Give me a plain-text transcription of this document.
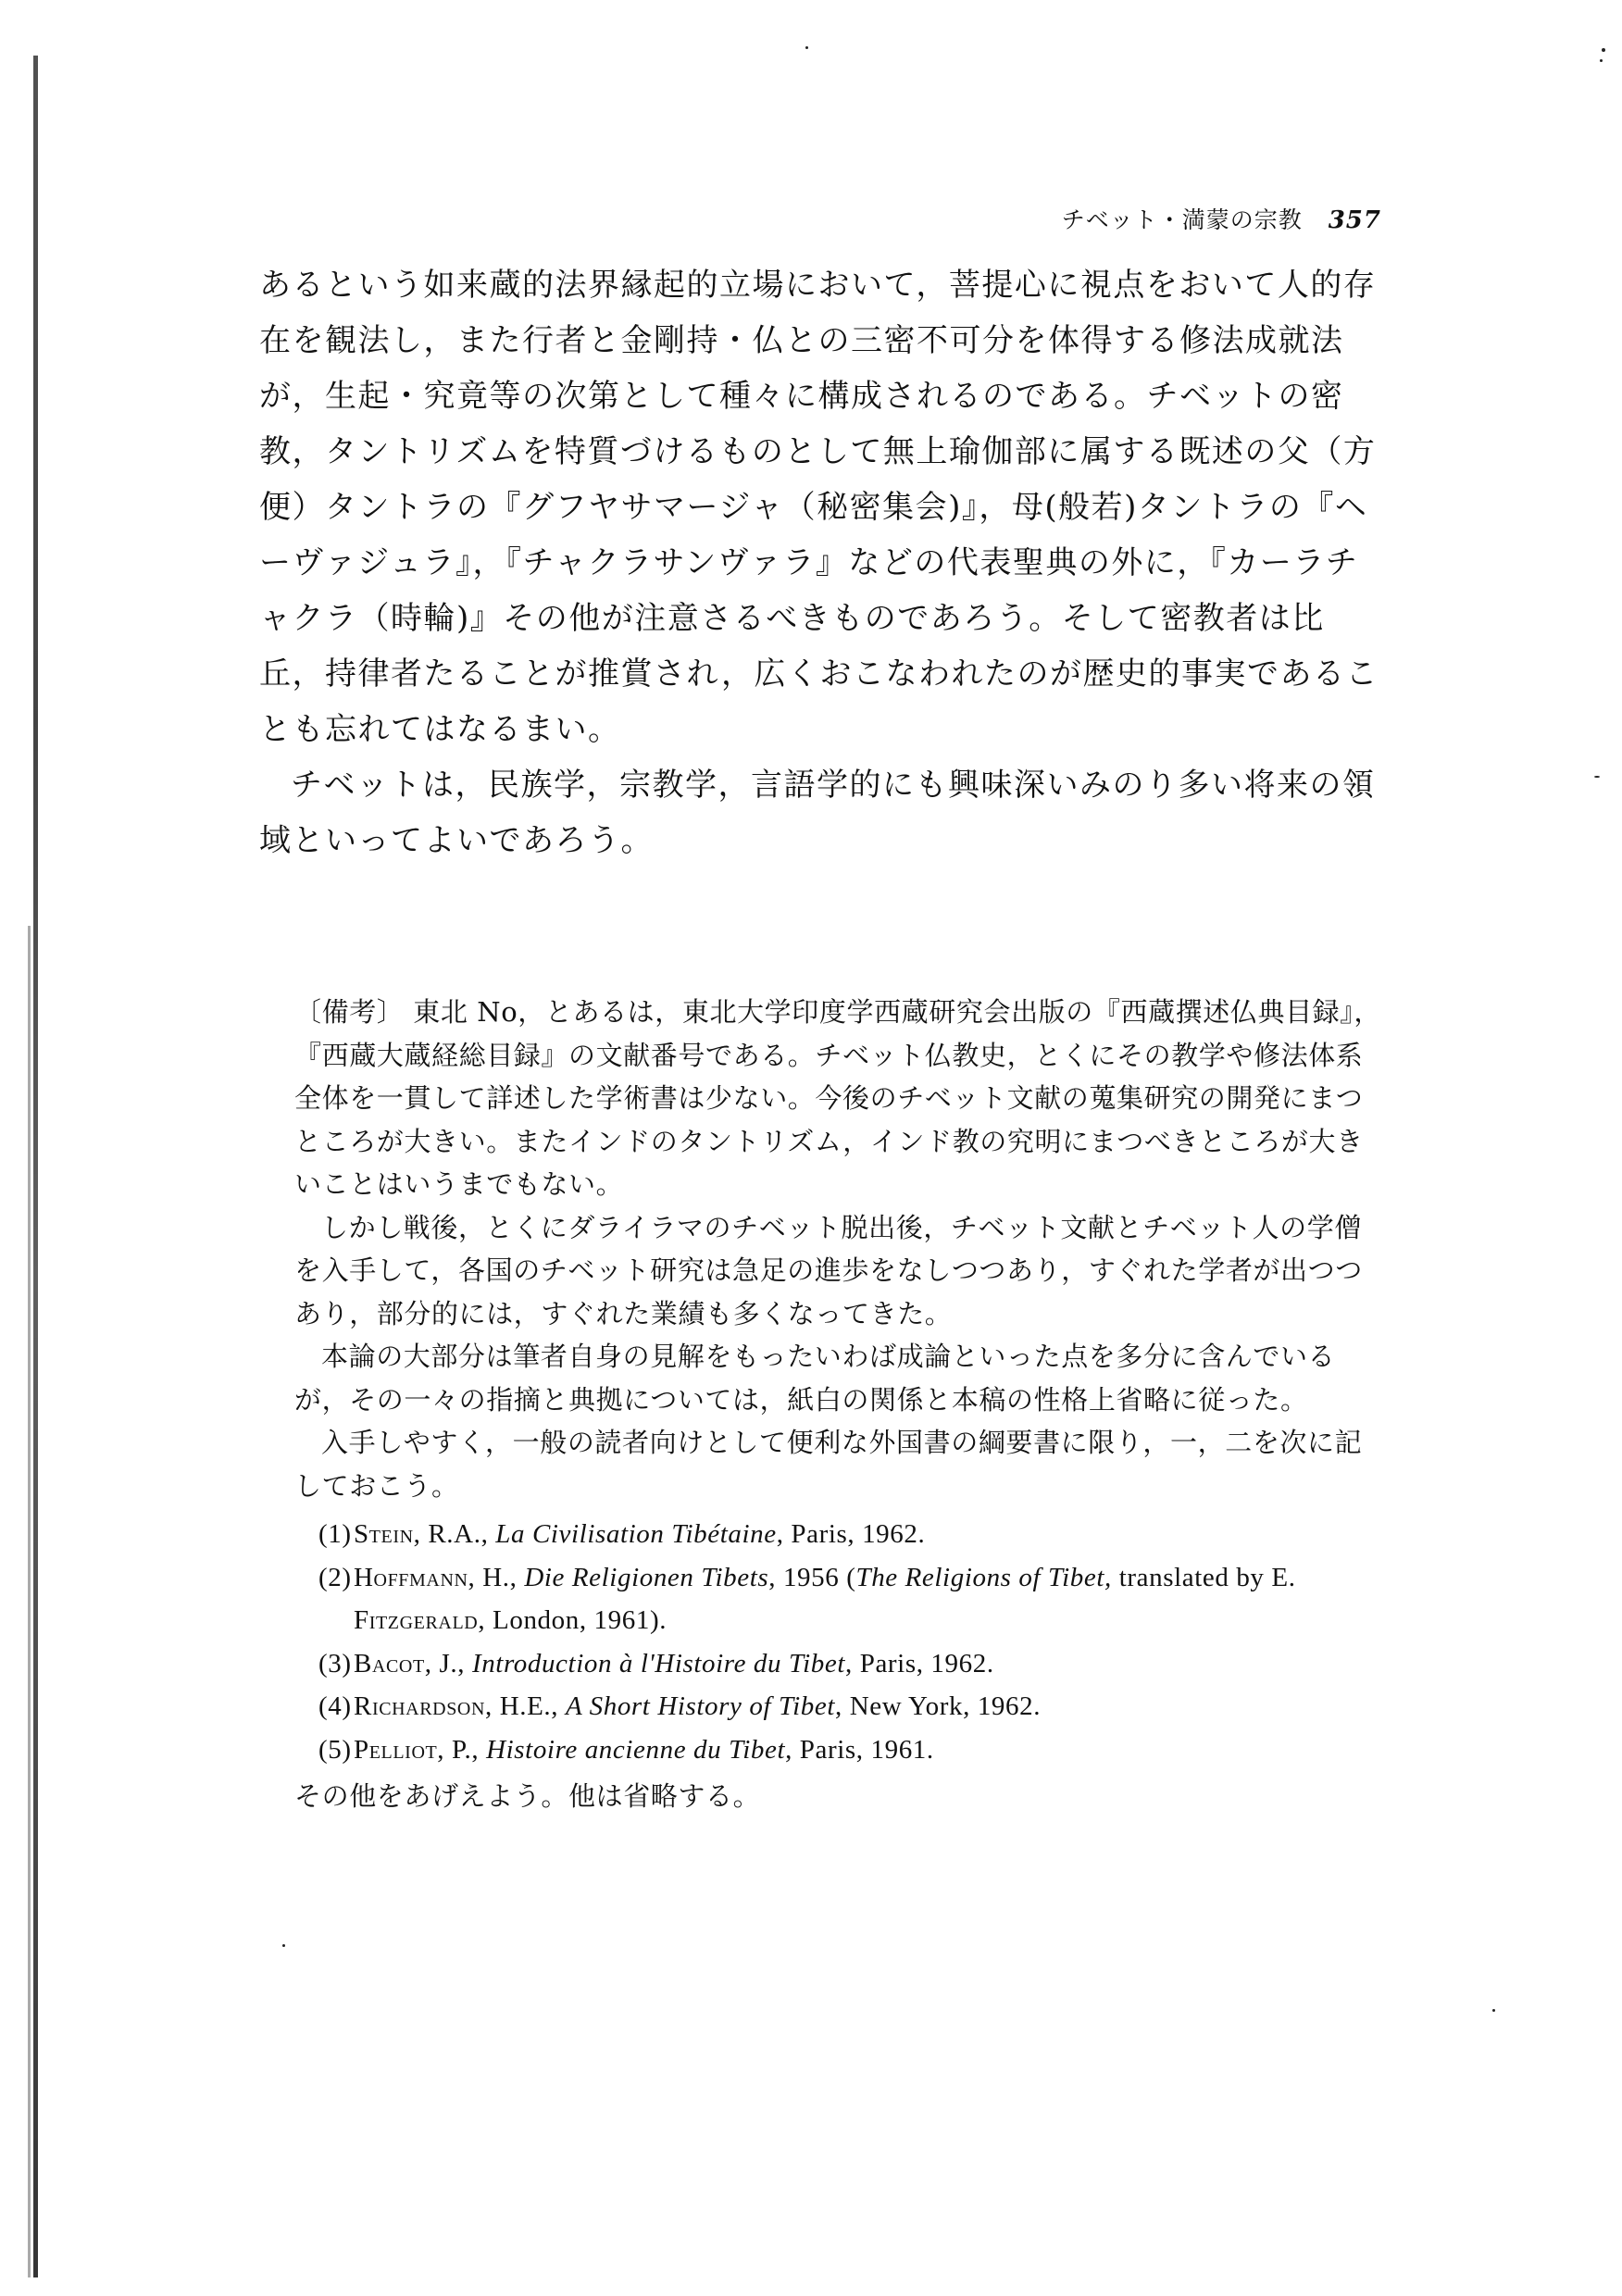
チベット・満蒙の宗教 357

あるという如来蔵的法界縁起的立場において，菩提心に視点をおいて人的存在を観法し，また行者と金剛持・仏との三密不可分を体得する修法成就法が，生起・究竟等の次第として種々に構成されるのである。チベットの密教，タントリズムを特質づけるものとして無上瑜伽部に属する既述の父（方便）タントラの『グフヤサマージャ（秘密集会)』，母(般若)タントラの『ヘーヴァジュラ』，『チャクラサンヴァラ』などの代表聖典の外に，『カーラチャクラ（時輪)』その他が注意さるべきものであろう。そして密教者は比丘，持律者たることが推賞され，広くおこなわれたのが歴史的事実であることも忘れてはなるまい。

チベットは，民族学，宗教学，言語学的にも興味深いみのり多い将来の領域といってよいであろう。

〔備考〕 東北 No，とあるは，東北大学印度学西蔵研究会出版の『西蔵撰述仏典目録』，『西蔵大蔵経総目録』の文献番号である。チベット仏教史，とくにその教学や修法体系全体を一貫して詳述した学術書は少ない。今後のチベット文献の蒐集研究の開発にまつところが大きい。またインドのタントリズム，インド教の究明にまつべきところが大きいことはいうまでもない。

しかし戦後，とくにダライラマのチベット脱出後，チベット文献とチベット人の学僧を入手して，各国のチベット研究は急足の進歩をなしつつあり，すぐれた学者が出つつあり，部分的には，すぐれた業績も多くなってきた。

本論の大部分は筆者自身の見解をもったいわば成論といった点を多分に含んでいるが，その一々の指摘と典拠については，紙白の関係と本稿の性格上省略に従った。

入手しやすく，一般の読者向けとして便利な外国書の綱要書に限り，一，二を次に記しておこう。

(1)Stein, R.A., La Civilisation Tibétaine, Paris, 1962.
(2)Hoffmann, H., Die Religionen Tibets, 1956 (The Religions of Tibet, translated by E. Fitzgerald, London, 1961).
(3)Bacot, J., Introduction à l'Histoire du Tibet, Paris, 1962.
(4)Richardson, H.E., A Short History of Tibet, New York, 1962.
(5)Pelliot, P., Histoire ancienne du Tibet, Paris, 1961.

その他をあげえよう。他は省略する。
